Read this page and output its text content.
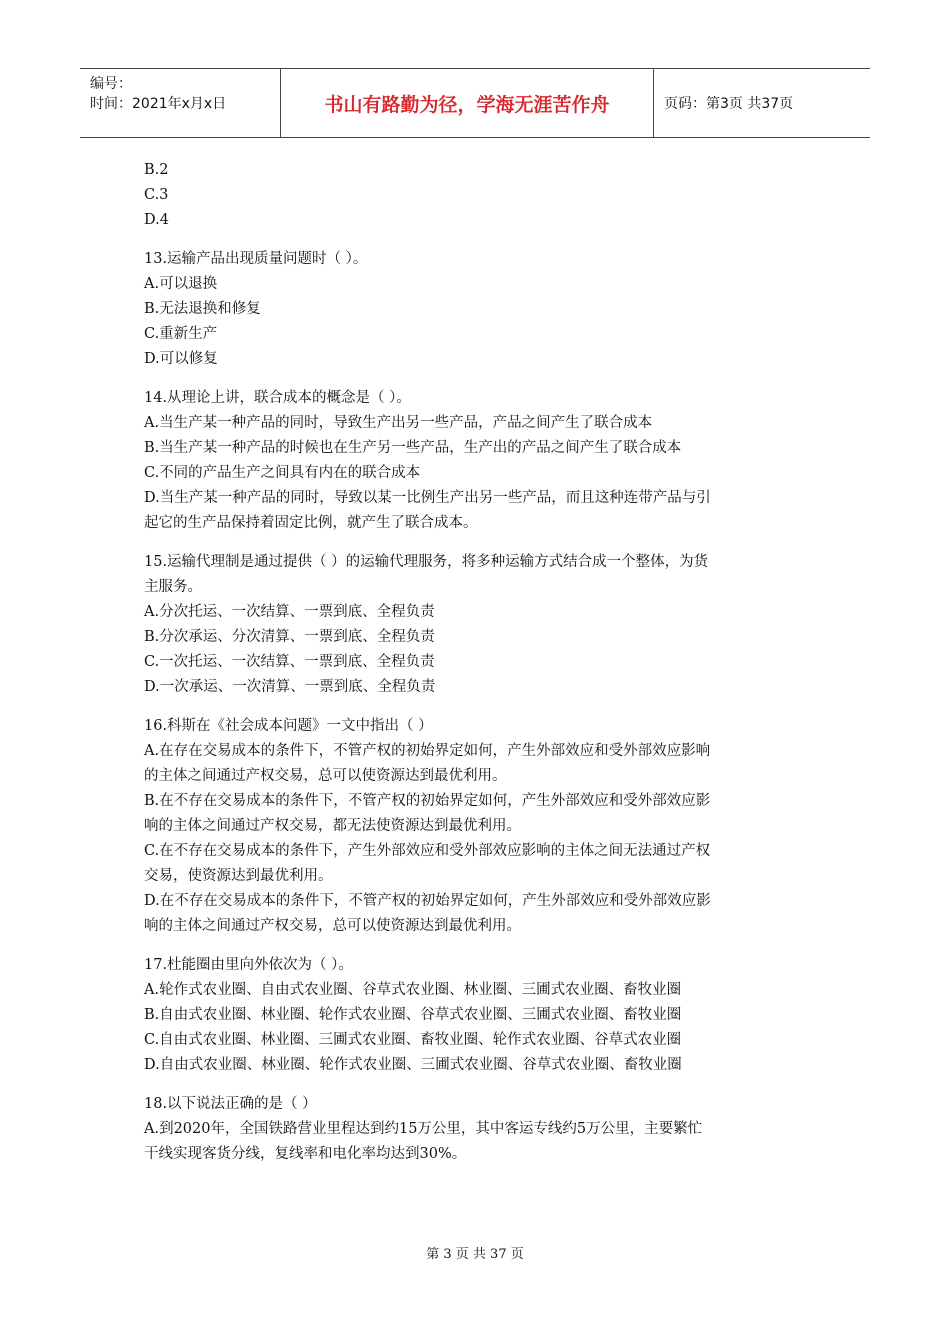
编号：
时间：2021年x月x日	书山有路勤为径，学海无涯苦作舟	页码：第3页 共37页
B.2
C.3
D.4
13.运输产品出现质量问题时（ ）。
A.可以退换
B.无法退换和修复
C.重新生产
D.可以修复
14.从理论上讲，联合成本的概念是（ ）。
A.当生产某一种产品的同时，导致生产出另一些产品，产品之间产生了联合成本
B.当生产某一种产品的时候也在生产另一些产品，生产出的产品之间产生了联合成本
C.不同的产品生产之间具有内在的联合成本
D.当生产某一种产品的同时，导致以某一比例生产出另一些产品，而且这种连带产品与引
起它的生产品保持着固定比例，就产生了联合成本。
15.运输代理制是通过提供（ ）的运输代理服务，将多种运输方式结合成一个整体，为货
主服务。
A.分次托运、一次结算、一票到底、全程负责
B.分次承运、分次清算、一票到底、全程负责
C.一次托运、一次结算、一票到底、全程负责
D.一次承运、一次清算、一票到底、全程负责
16.科斯在《社会成本问题》一文中指出（ ）
A.在存在交易成本的条件下，不管产权的初始界定如何，产生外部效应和受外部效应影响
的主体之间通过产权交易，总可以使资源达到最优利用。
B.在不存在交易成本的条件下，不管产权的初始界定如何，产生外部效应和受外部效应影
响的主体之间通过产权交易，都无法使资源达到最优利用。
C.在不存在交易成本的条件下，产生外部效应和受外部效应影响的主体之间无法通过产权
交易，使资源达到最优利用。
D.在不存在交易成本的条件下，不管产权的初始界定如何，产生外部效应和受外部效应影
响的主体之间通过产权交易，总可以使资源达到最优利用。
17.杜能圈由里向外依次为（ ）。
A.轮作式农业圈、自由式农业圈、谷草式农业圈、林业圈、三圃式农业圈、畜牧业圈
B.自由式农业圈、林业圈、轮作式农业圈、谷草式农业圈、三圃式农业圈、畜牧业圈
C.自由式农业圈、林业圈、三圃式农业圈、畜牧业圈、轮作式农业圈、谷草式农业圈
D.自由式农业圈、林业圈、轮作式农业圈、三圃式农业圈、谷草式农业圈、畜牧业圈
18.以下说法正确的是（ ）
A.到2020年，全国铁路营业里程达到约15万公里，其中客运专线约5万公里，主要繁忙
干线实现客货分线，复线率和电化率均达到30%。
第 3 页 共 37 页
